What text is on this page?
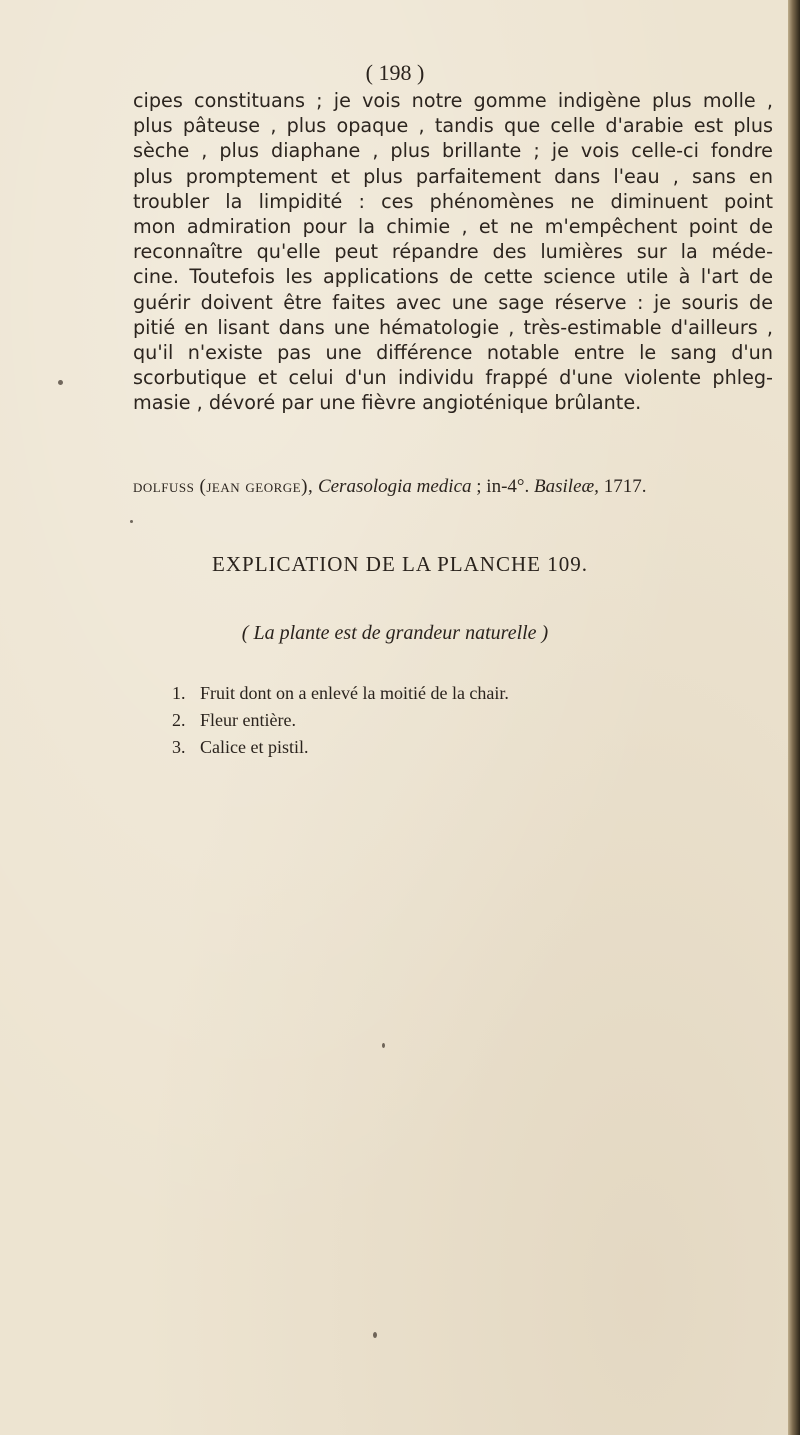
( 198 )
cipes constituans ; je vois notre gomme indigène plus molle ,
plus pâteuse , plus opaque , tandis que celle d'arabie est plus
sèche , plus diaphane , plus brillante ; je vois celle-ci fondre
plus promptement et plus parfaitement dans l'eau , sans en
troubler la limpidité : ces phénomènes ne diminuent point
mon admiration pour la chimie , et ne m'empêchent point de
reconnaître qu'elle peut répandre des lumières sur la méde-
cine. Toutefois les applications de cette science utile à l'art de
guérir doivent être faites avec une sage réserve : je souris de
pitié en lisant dans une hématologie , très-estimable d'ailleurs ,
qu'il n'existe pas une différence notable entre le sang d'un
scorbutique et celui d'un individu frappé d'une violente phleg-
masie , dévoré par une fièvre angioténique brûlante.
dolfuss (jean george), Cerasologia medica ; in-4°. Basileæ, 1717.
EXPLICATION DE LA PLANCHE 109.
( La plante est de grandeur naturelle )
1. Fruit dont on a enlevé la moitié de la chair.
2. Fleur entière.
3. Calice et pistil.
